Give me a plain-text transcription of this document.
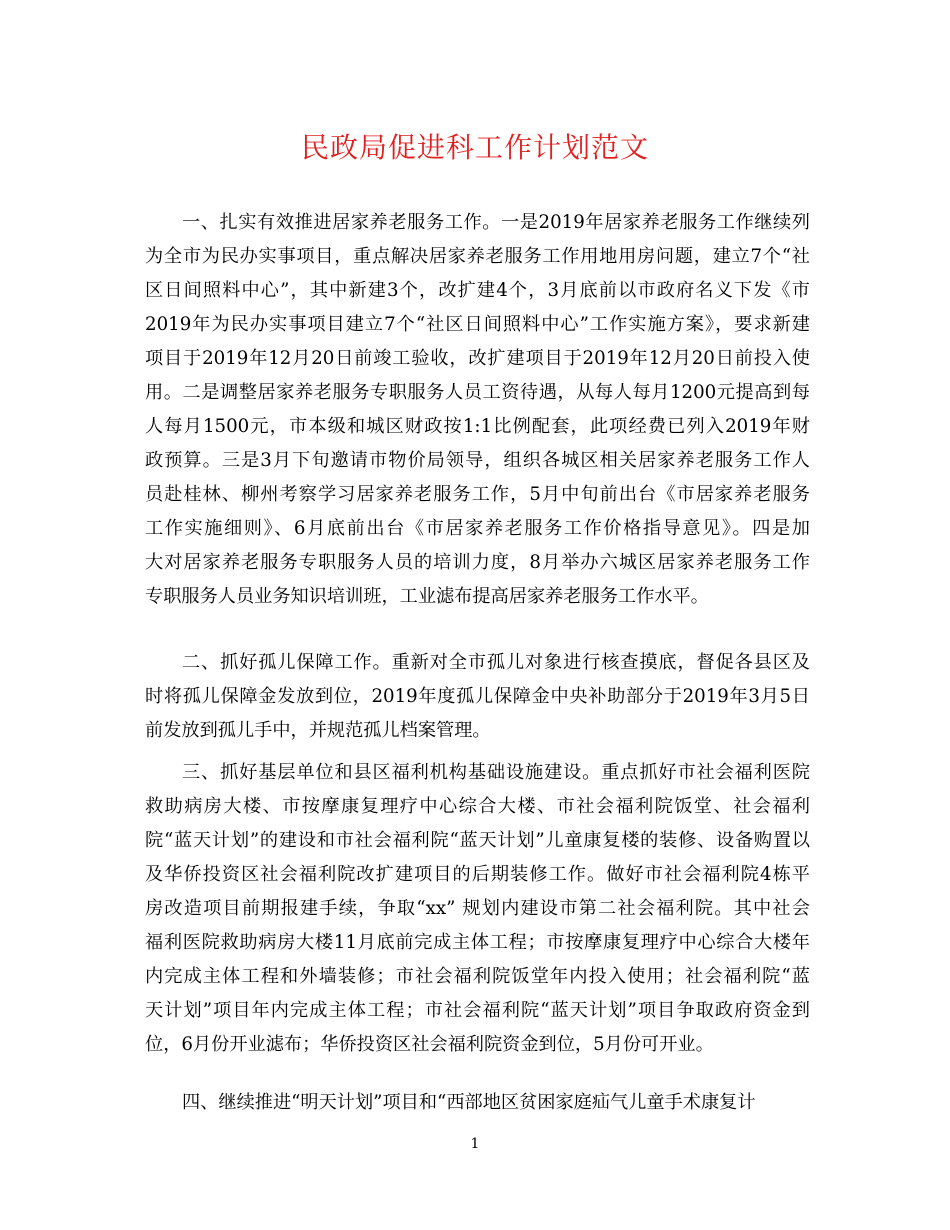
民政局促进科工作计划范文
一、扎实有效推进居家养老服务工作。一是2019年居家养老服务工作继续列
为全市为民办实事项目，重点解决居家养老服务工作用地用房问题，建立7个“社
区日间照料中心”，其中新建3个，改扩建4个，3月底前以市政府名义下发《市
2019年为民办实事项目建立7个“社区日间照料中心”工作实施方案》，要求新建
项目于2019年12月20日前竣工验收，改扩建项目于2019年12月20日前投入使
用。二是调整居家养老服务专职服务人员工资待遇，从每人每月1200元提高到每
人每月1500元，市本级和城区财政按1:1比例配套，此项经费已列入2019年财
政预算。三是3月下旬邀请市物价局领导，组织各城区相关居家养老服务工作人
员赴桂林、柳州考察学习居家养老服务工作，5月中旬前出台《市居家养老服务
工作实施细则》、6月底前出台《市居家养老服务工作价格指导意见》。四是加
大对居家养老服务专职服务人员的培训力度，8月举办六城区居家养老服务工作
专职服务人员业务知识培训班，工业滤布提高居家养老服务工作水平。
二、抓好孤儿保障工作。重新对全市孤儿对象进行核查摸底，督促各县区及
时将孤儿保障金发放到位，2019年度孤儿保障金中央补助部分于2019年3月5日
前发放到孤儿手中，并规范孤儿档案管理。
三、抓好基层单位和县区福利机构基础设施建设。重点抓好市社会福利医院
救助病房大楼、市按摩康复理疗中心综合大楼、市社会福利院饭堂、社会福利
院“蓝天计划”的建设和市社会福利院“蓝天计划”儿童康复楼的装修、设备购置以
及华侨投资区社会福利院改扩建项目的后期装修工作。做好市社会福利院4栋平
房改造项目前期报建手续，争取“xx” 规划内建设市第二社会福利院。其中社会
福利医院救助病房大楼11月底前完成主体工程；市按摩康复理疗中心综合大楼年
内完成主体工程和外墙装修；市社会福利院饭堂年内投入使用；社会福利院“蓝
天计划”项目年内完成主体工程；市社会福利院“蓝天计划”项目争取政府资金到
位，6月份开业滤布；华侨投资区社会福利院资金到位，5月份可开业。
四、继续推进“明天计划”项目和“西部地区贫困家庭疝气儿童手术康复计
1
